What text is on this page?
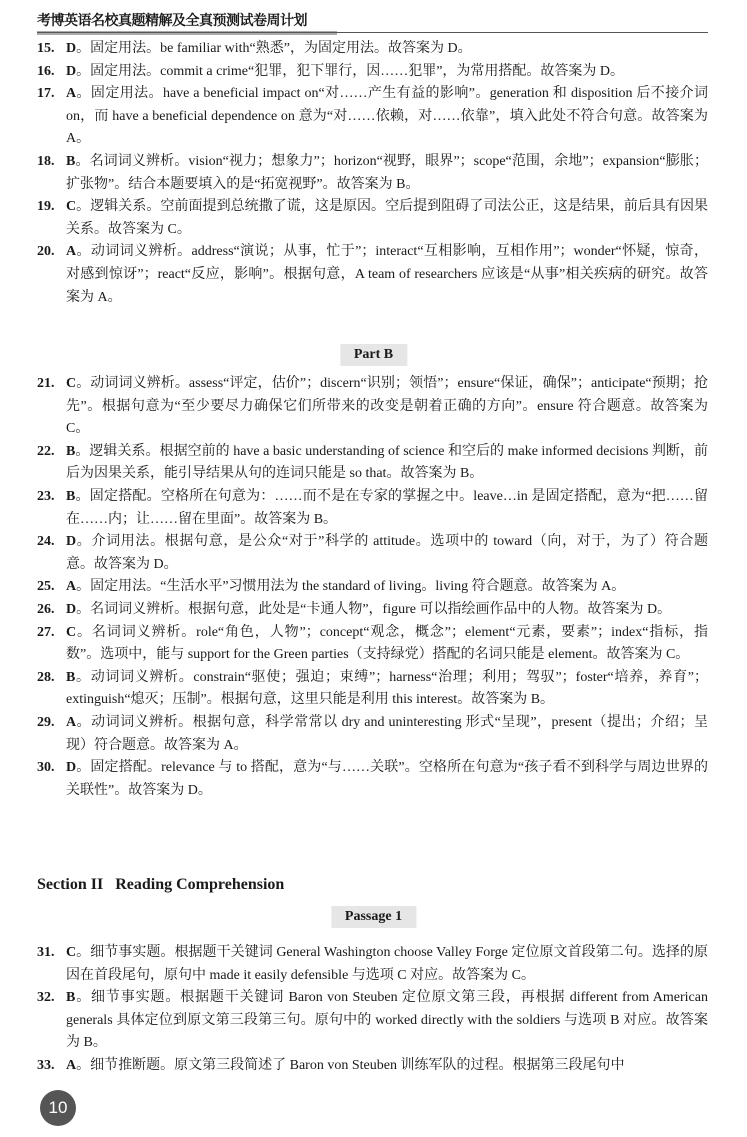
考博英语名校真题精解及全真预测试卷周计划
15. D。固定用法。be familiar with“熟悉”，为固定用法。故答案为 D。
16. D。固定用法。commit a crime“犯罪，犯下罪行，因……犯罪”，为常用搭配。故答案为 D。
17. A。固定用法。have a beneficial impact on“对……产生有益的影响”。generation 和 disposition 后不接介词 on，而 have a beneficial dependence on 意为“对……依赖，对……依靠”，填入此处不符合句意。故答案为 A。
18. B。名词词义辨析。vision“视力；想象力”；horizon“视野，眼界”；scope“范围，余地”；expansion“膨胀；扩张物”。结合本题要填入的是“拓宽视野”。故答案为 B。
19. C。逻辑关系。空前面提到总统撒了谎，这是原因。空后提到阻碍了司法公正，这是结果，前后具有因果关系。故答案为 C。
20. A。动词词义辨析。address“演说；从事，忙于”；interact“互相影响，互相作用”；wonder“怀疑，惊奇，对感到惊讶”；react“反应，影响”。根据句意，A team of researchers 应该是“从事”相关疾病的研究。故答案为 A。
Part B
21. C。动词词义辨析。assess“评定，估价”；discern“识别；领悟”；ensure“保证，确保”；anticipate“预期；抢先”。根据句意为“至少要尽力确保它们所带来的改变是朝着正确的方向”。ensure 符合题意。故答案为 C。
22. B。逻辑关系。根据空前的 have a basic understanding of science 和空后的 make informed decisions 判断，前后为因果关系，能引导结果从句的连词只能是 so that。故答案为 B。
23. B。固定搭配。空格所在句意为：……而不是在专家的掌握之中。leave…in 是固定搭配，意为“把……留在……内；让……留在里面”。故答案为 B。
24. D。介词用法。根据句意，是公众“对于”科学的 attitude。选项中的 toward（向，对于，为了）符合题意。故答案为 D。
25. A。固定用法。“生活水平”习惯用法为 the standard of living。living 符合题意。故答案为 A。
26. D。名词词义辨析。根据句意，此处是“卡通人物”，figure 可以指绘画作品中的人物。故答案为 D。
27. C。名词词义辨析。role“角色，人物”；concept“观念，概念”；element“元素，要素”；index“指标，指数”。选项中，能与 support for the Green parties（支持绿党）搭配的名词只能是 element。故答案为 C。
28. B。动词词义辨析。constrain“驱使；强迫；束缚”；harness“治理；利用；驾驭”；foster“培养，养育”；extinguish“熄灭；压制”。根据句意，这里只能是利用 this interest。故答案为 B。
29. A。动词词义辨析。根据句意，科学常常以 dry and uninteresting 形式“呈现”，present（提出；介绍；呈现）符合题意。故答案为 A。
30. D。固定搭配。relevance 与 to 搭配，意为“与……关联”。空格所在句意为“孩子看不到科学与周边世界的关联性”。故答案为 D。
Section II   Reading Comprehension
Passage 1
31. C。细节事实题。根据题干关键词 General Washington choose Valley Forge 定位原文首段第二句。选择的原因在首段尾句，原句中 made it easily defensible 与选项 C 对应。故答案为 C。
32. B。细节事实题。根据题干关键词 Baron von Steuben 定位原文第三段，再根据 different from American generals 具体定位到原文第三段第三句。原句中的 worked directly with the soldiers 与选项 B 对应。故答案为 B。
33. A。细节推断题。原文第三段简述了 Baron von Steuben 训练军队的过程。根据第三段尾句中
10
